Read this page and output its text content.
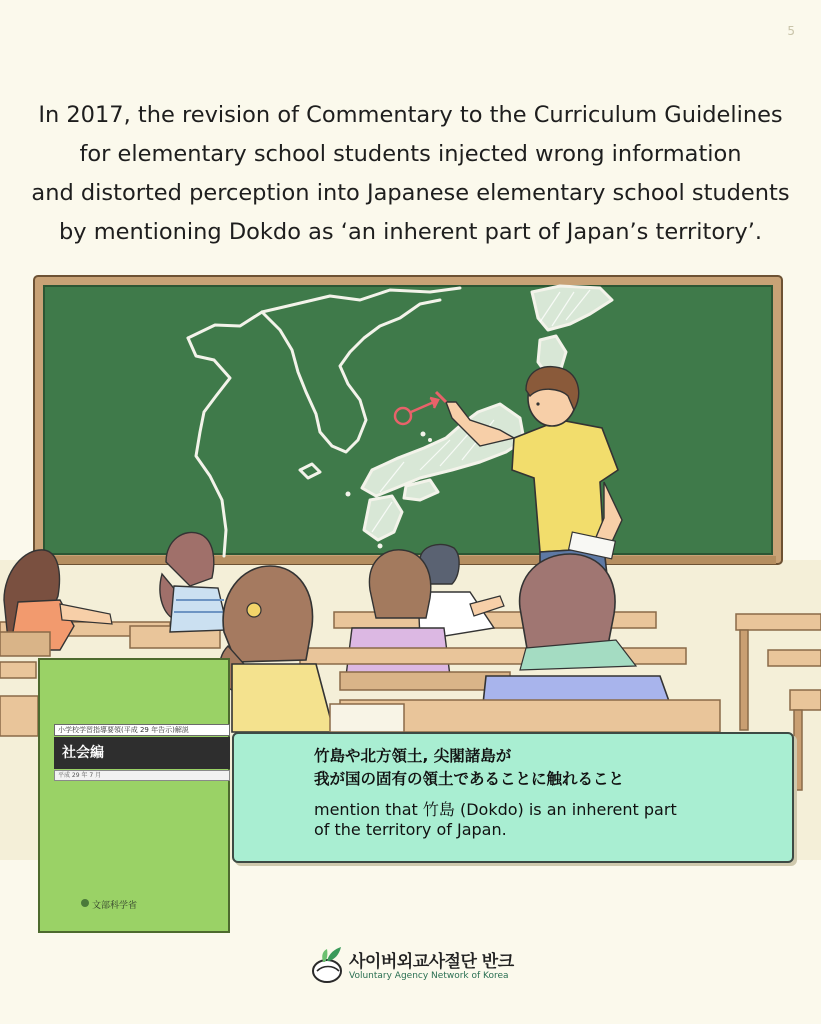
5
In 2017, the revision of Commentary to the Curriculum Guidelines
for elementary school students injected wrong information
and distorted perception into Japanese elementary school students
by mentioning Dokdo as ‘an inherent part of Japan’s territory’.
小学校学習指導要領(平成 29 年告示)解説
社会編
平成 29 年 7 月
文部科学省
竹島や北方領土, 尖閣諸島が
我が国の固有の領土であることに触れること
mention that 竹島 (Dokdo) is an inherent part
of the territory of Japan.
사이버외교사절단 반크
Voluntary Agency Network of Korea
